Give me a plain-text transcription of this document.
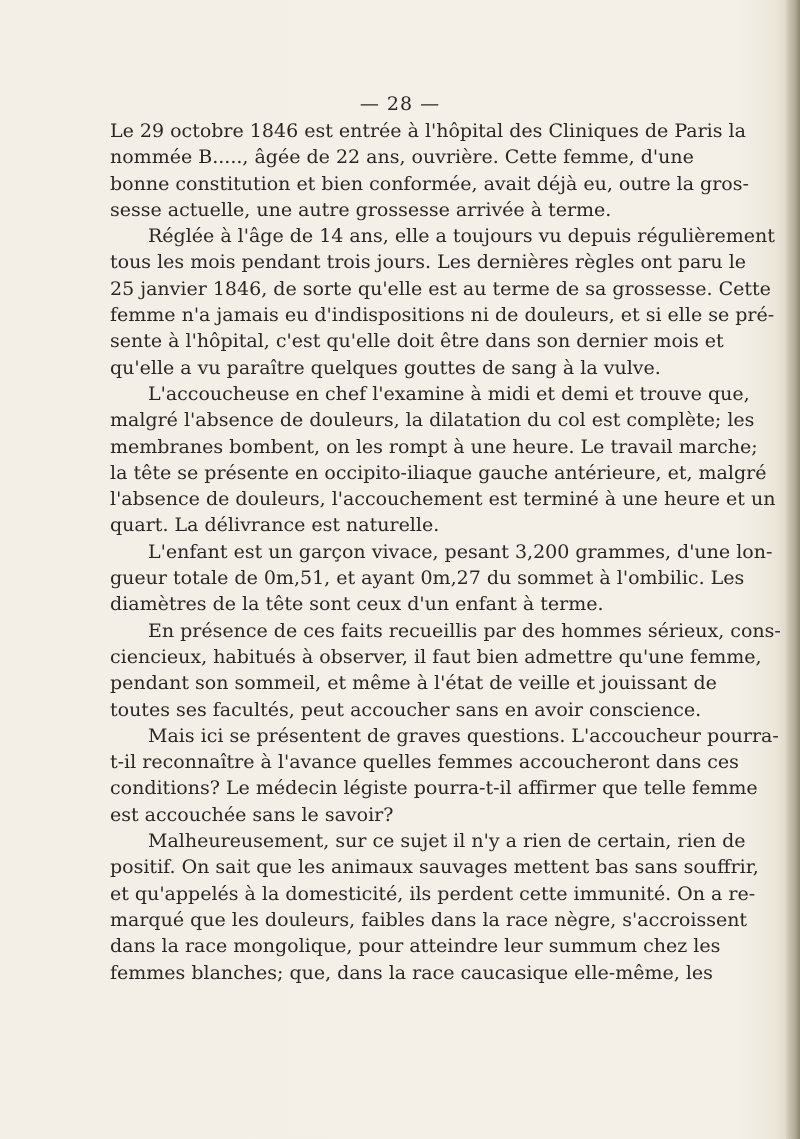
— 28 —
Le 29 octobre 1846 est entrée à l'hôpital des Cliniques de Paris la
nommée B....., âgée de 22 ans, ouvrière. Cette femme, d'une
bonne constitution et bien conformée, avait déjà eu, outre la gros-
sesse actuelle, une autre grossesse arrivée à terme.
Réglée à l'âge de 14 ans, elle a toujours vu depuis régulièrement
tous les mois pendant trois jours. Les dernières règles ont paru le
25 janvier 1846, de sorte qu'elle est au terme de sa grossesse. Cette
femme n'a jamais eu d'indispositions ni de douleurs, et si elle se pré-
sente à l'hôpital, c'est qu'elle doit être dans son dernier mois et
qu'elle a vu paraître quelques gouttes de sang à la vulve.
L'accoucheuse en chef l'examine à midi et demi et trouve que,
malgré l'absence de douleurs, la dilatation du col est complète; les
membranes bombent, on les rompt à une heure. Le travail marche;
la tête se présente en occipito-iliaque gauche antérieure, et, malgré
l'absence de douleurs, l'accouchement est terminé à une heure et un
quart. La délivrance est naturelle.
L'enfant est un garçon vivace, pesant 3,200 grammes, d'une lon-
gueur totale de 0m,51, et ayant 0m,27 du sommet à l'ombilic. Les
diamètres de la tête sont ceux d'un enfant à terme.
En présence de ces faits recueillis par des hommes sérieux, cons-
ciencieux, habitués à observer, il faut bien admettre qu'une femme,
pendant son sommeil, et même à l'état de veille et jouissant de
toutes ses facultés, peut accoucher sans en avoir conscience.
Mais ici se présentent de graves questions. L'accoucheur pourra-
t-il reconnaître à l'avance quelles femmes accoucheront dans ces
conditions? Le médecin légiste pourra-t-il affirmer que telle femme
est accouchée sans le savoir?
Malheureusement, sur ce sujet il n'y a rien de certain, rien de
positif. On sait que les animaux sauvages mettent bas sans souffrir,
et qu'appelés à la domesticité, ils perdent cette immunité. On a re-
marqué que les douleurs, faibles dans la race nègre, s'accroissent
dans la race mongolique, pour atteindre leur summum chez les
femmes blanches; que, dans la race caucasique elle-même, les
